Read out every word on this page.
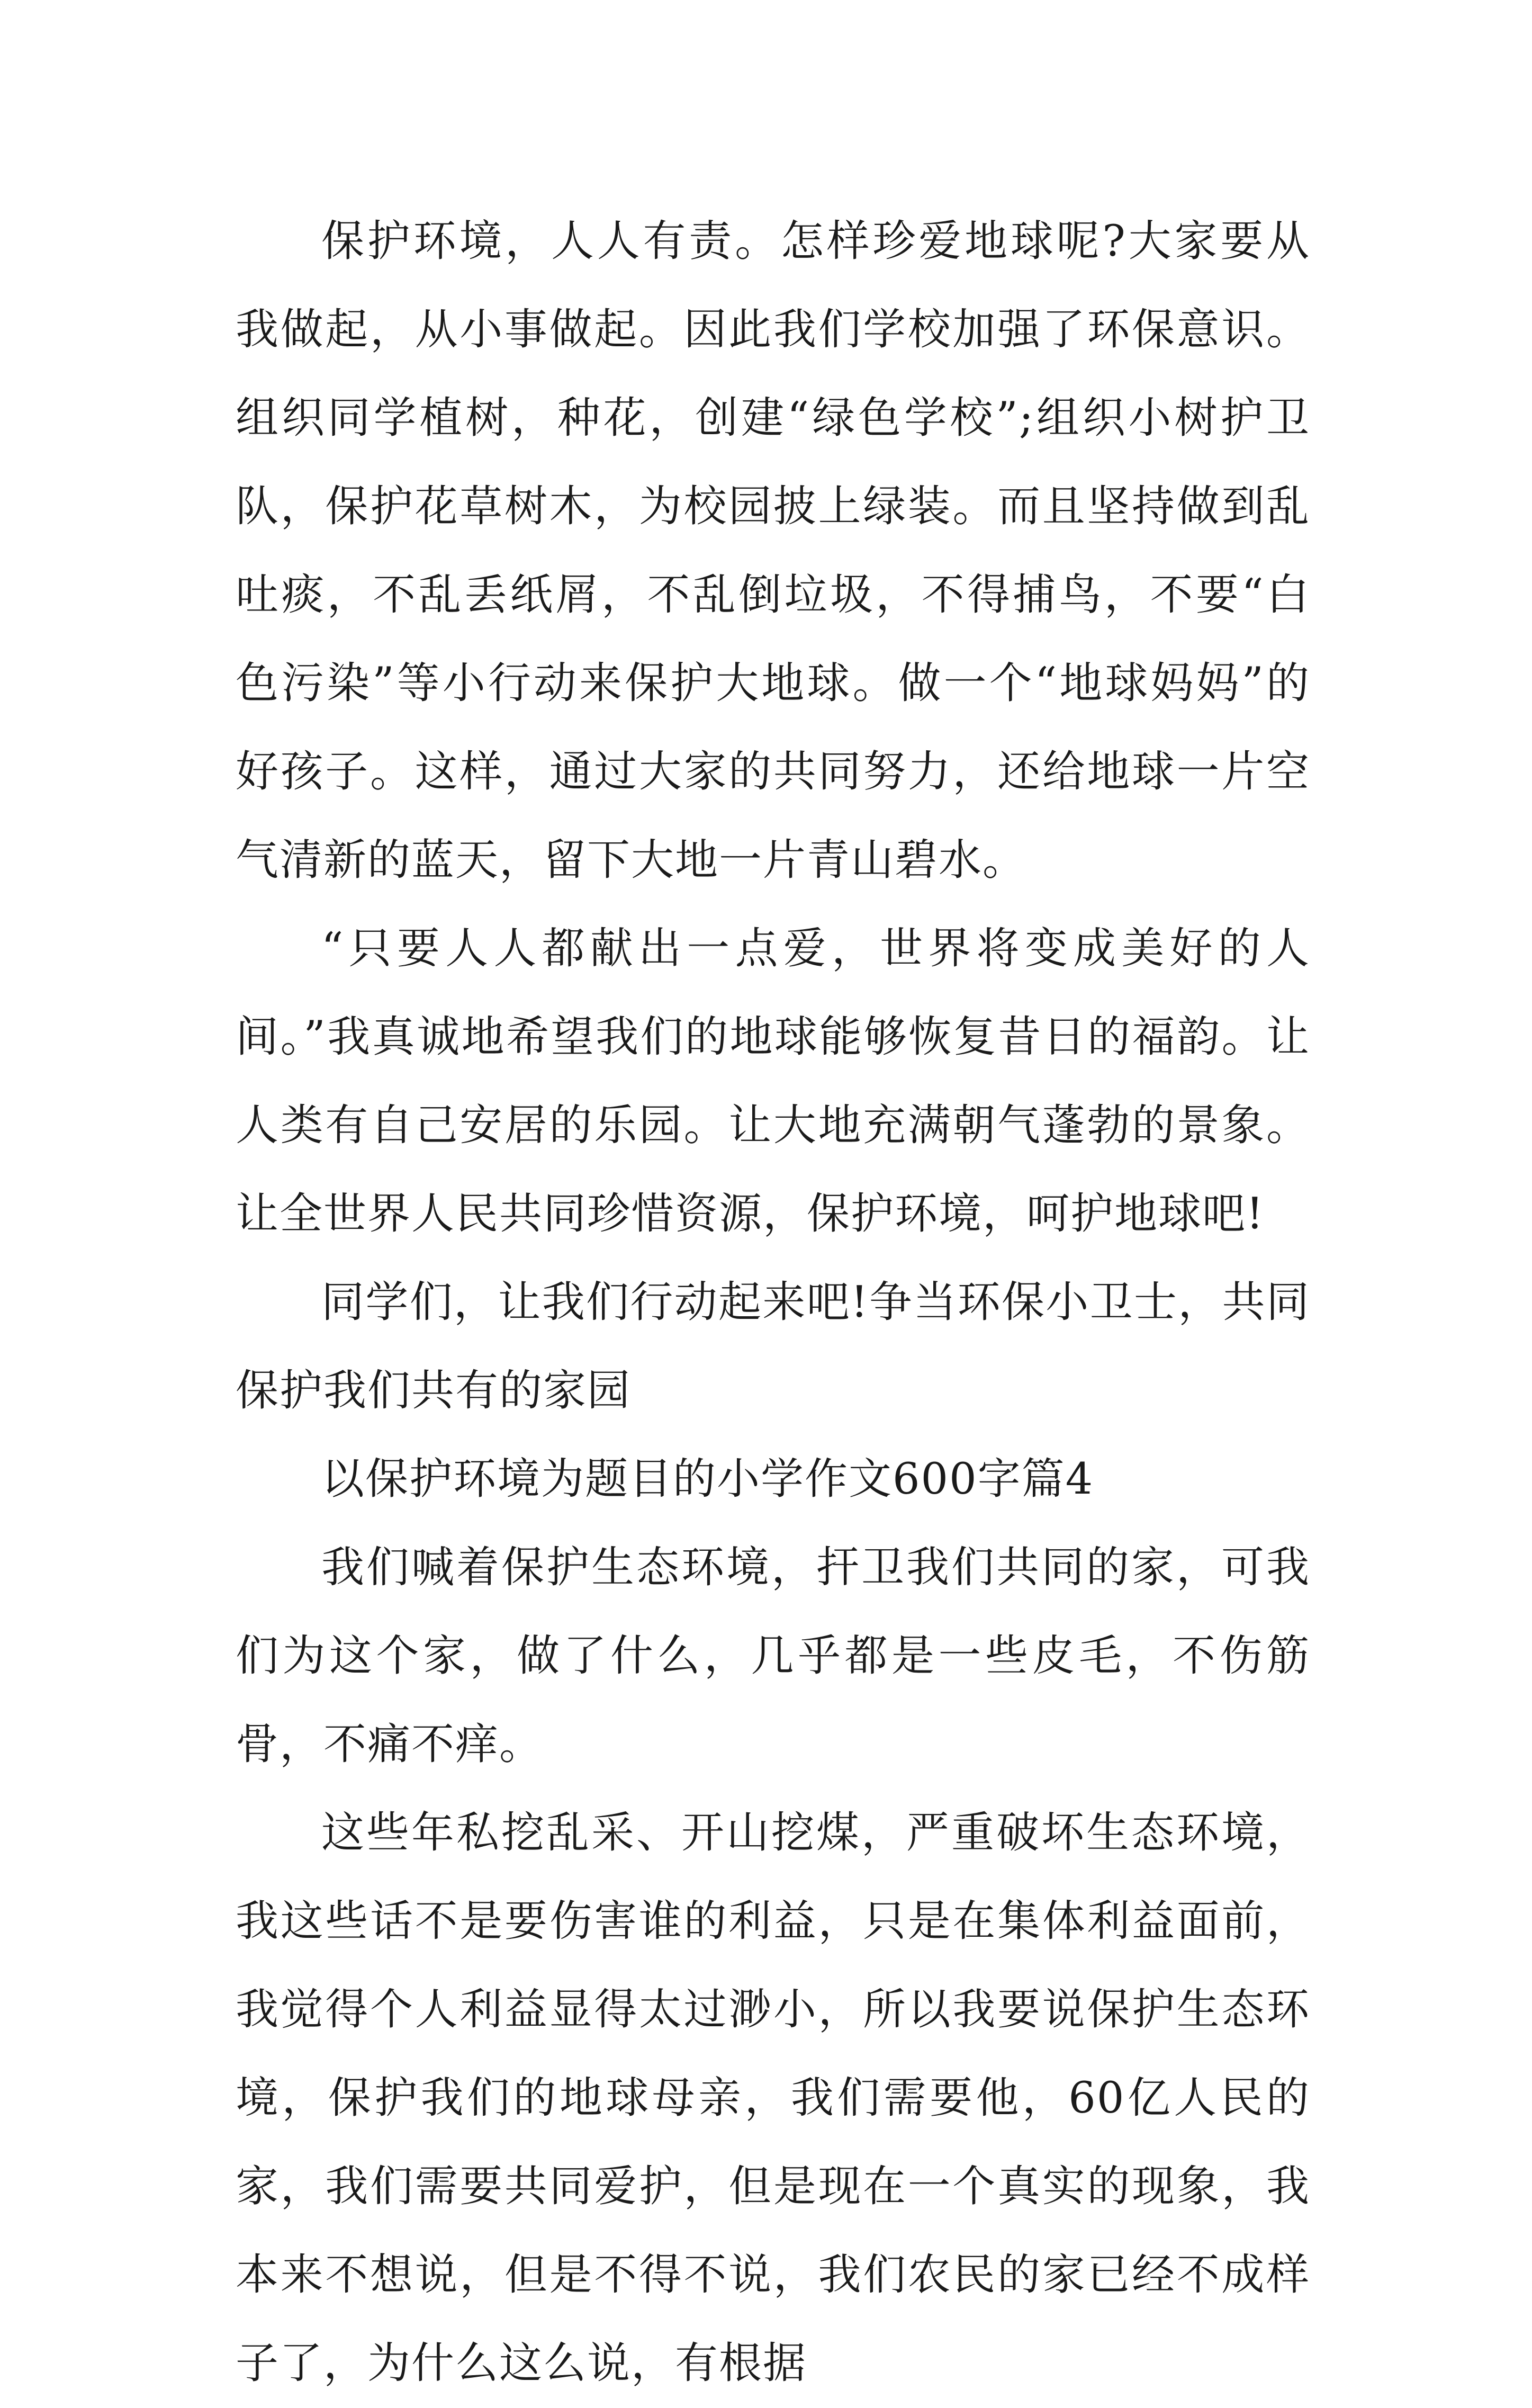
保护环境，人人有责。怎样珍爱地球呢?大家要从我做起，从小事做起。因此我们学校加强了环保意识。组织同学植树，种花，创建“绿色学校”;组织小树护卫队，保护花草树木，为校园披上绿装。而且坚持做到乱吐痰，不乱丢纸屑，不乱倒垃圾，不得捕鸟，不要“白色污染”等小行动来保护大地球。做一个“地球妈妈”的好孩子。这样，通过大家的共同努力，还给地球一片空气清新的蓝天，留下大地一片青山碧水。

“只要人人都献出一点爱，世界将变成美好的人间。”我真诚地希望我们的地球能够恢复昔日的福韵。让人类有自己安居的乐园。让大地充满朝气蓬勃的景象。让全世界人民共同珍惜资源，保护环境，呵护地球吧!

同学们，让我们行动起来吧!争当环保小卫士，共同保护我们共有的家园

以保护环境为题目的小学作文600字篇4

我们喊着保护生态环境，扞卫我们共同的家，可我们为这个家，做了什么，几乎都是一些皮毛，不伤筋骨，不痛不痒。

这些年私挖乱采、开山挖煤，严重破坏生态环境，我这些话不是要伤害谁的利益，只是在集体利益面前，我觉得个人利益显得太过渺小，所以我要说保护生态环境，保护我们的地球母亲，我们需要他，60亿人民的家，我们需要共同爱护，但是现在一个真实的现象，我本来不想说，但是不得不说，我们农民的家已经不成样子了，为什么这么说，有根据
